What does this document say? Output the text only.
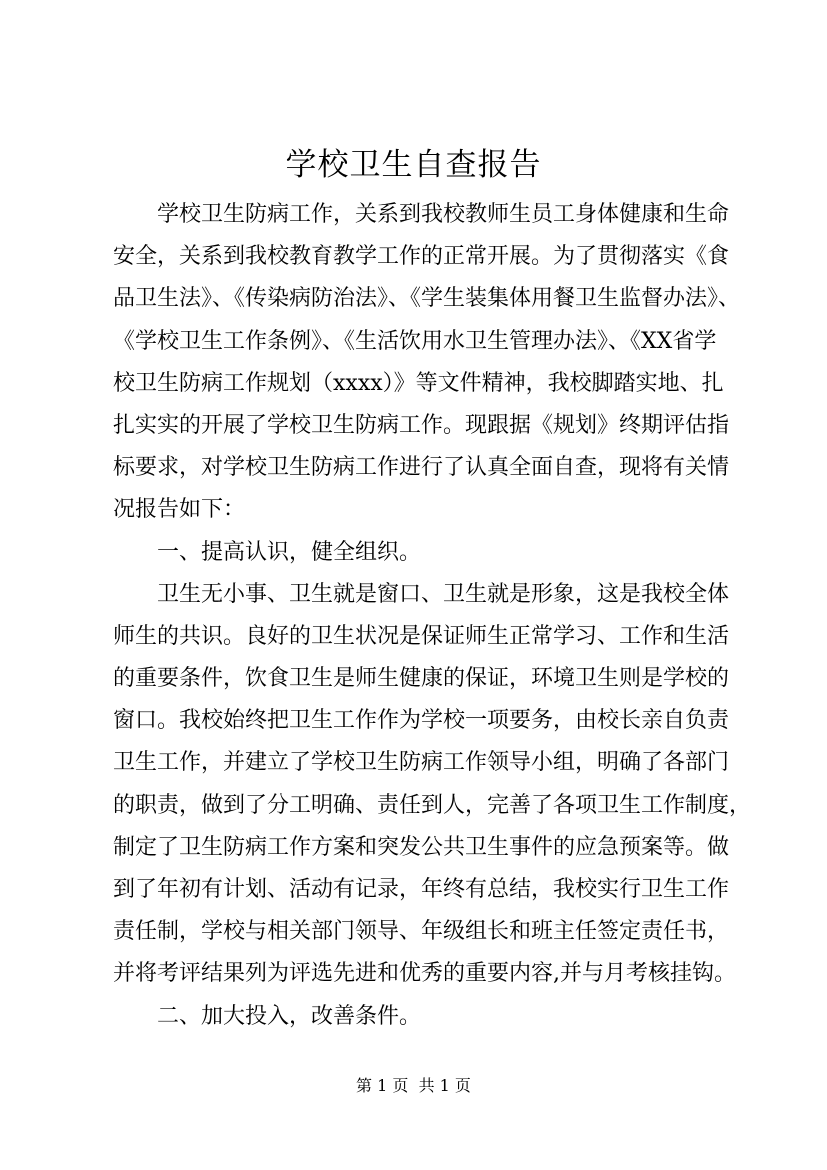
学校卫生自查报告
学校卫生防病工作，关系到我校教师生员工身体健康和生命
安全，关系到我校教育教学工作的正常开展。为了贯彻落实《食
品卫生法》、《传染病防治法》、《学生装集体用餐卫生监督办法》、
《学校卫生工作条例》、《生活饮用水卫生管理办法》、《XX省学
校卫生防病工作规划（xxxx）》等文件精神，我校脚踏实地、扎
扎实实的开展了学校卫生防病工作。现跟据《规划》终期评估指
标要求，对学校卫生防病工作进行了认真全面自查，现将有关情
况报告如下：
一、提高认识，健全组织。
卫生无小事、卫生就是窗口、卫生就是形象，这是我校全体
师生的共识。良好的卫生状况是保证师生正常学习、工作和生活
的重要条件，饮食卫生是师生健康的保证，环境卫生则是学校的
窗口。我校始终把卫生工作作为学校一项要务，由校长亲自负责
卫生工作，并建立了学校卫生防病工作领导小组，明确了各部门
的职责，做到了分工明确、责任到人，完善了各项卫生工作制度，
制定了卫生防病工作方案和突发公共卫生事件的应急预案等。做
到了年初有计划、活动有记录，年终有总结，我校实行卫生工作
责任制，学校与相关部门领导、年级组长和班主任签定责任书，
并将考评结果列为评选先进和优秀的重要内容,并与月考核挂钩。
二、加大投入，改善条件。
第 1 页  共 1 页
